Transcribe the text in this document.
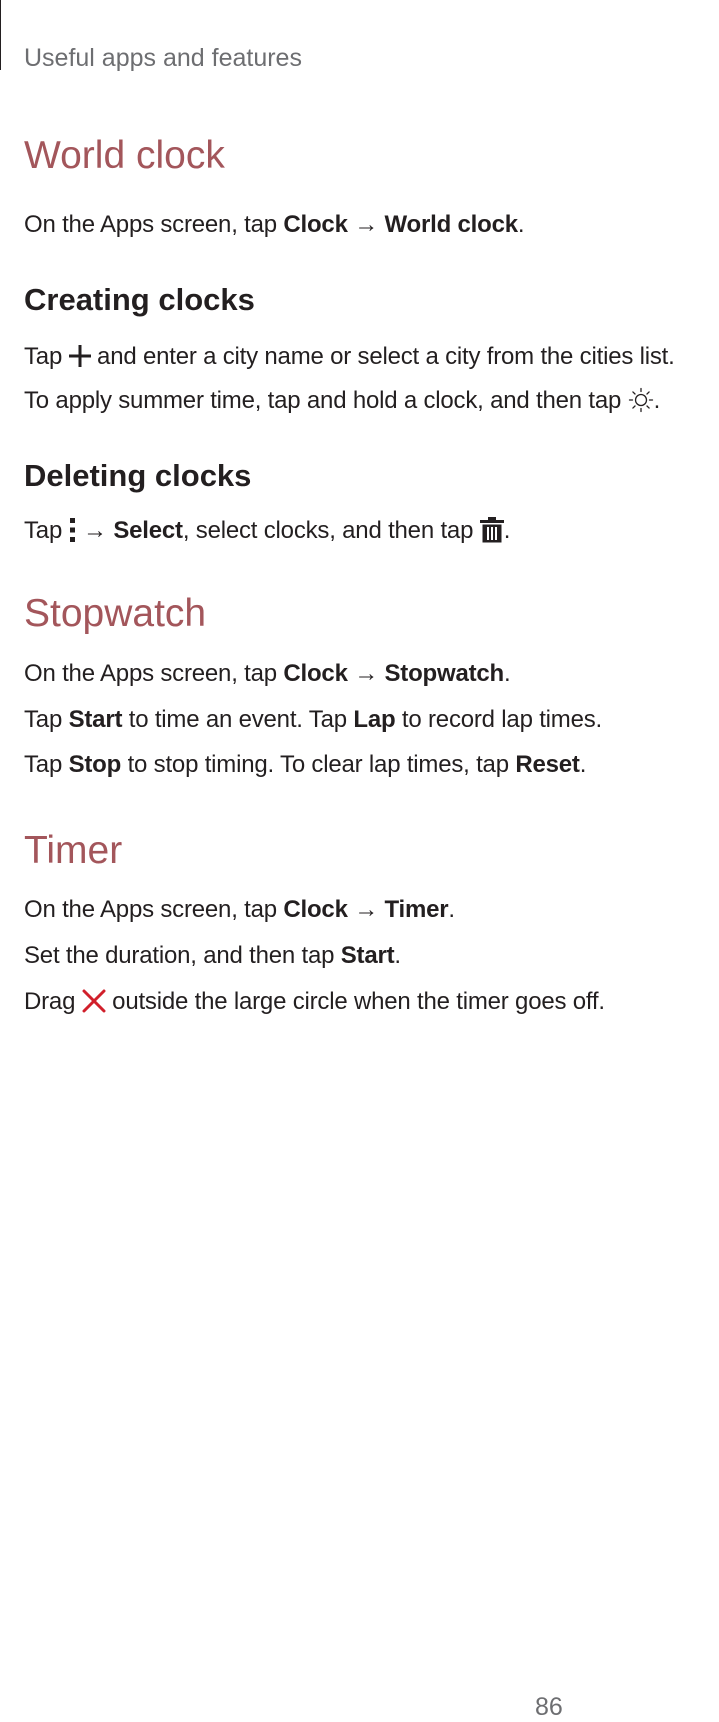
Useful apps and features
World clock
On the Apps screen, tap Clock → World clock.
Creating clocks
Tap
and enter a city name or select a city from the cities list.
To apply summer time, tap and hold a clock, and then tap
.
Deleting clocks
Tap
→ Select, select clocks, and then tap
.
Stopwatch
On the Apps screen, tap Clock → Stopwatch.
Tap Start to time an event. Tap Lap to record lap times.
Tap Stop to stop timing. To clear lap times, tap Reset.
Timer
On the Apps screen, tap Clock → Timer.
Set the duration, and then tap Start.
Drag
outside the large circle when the timer goes off.
86
